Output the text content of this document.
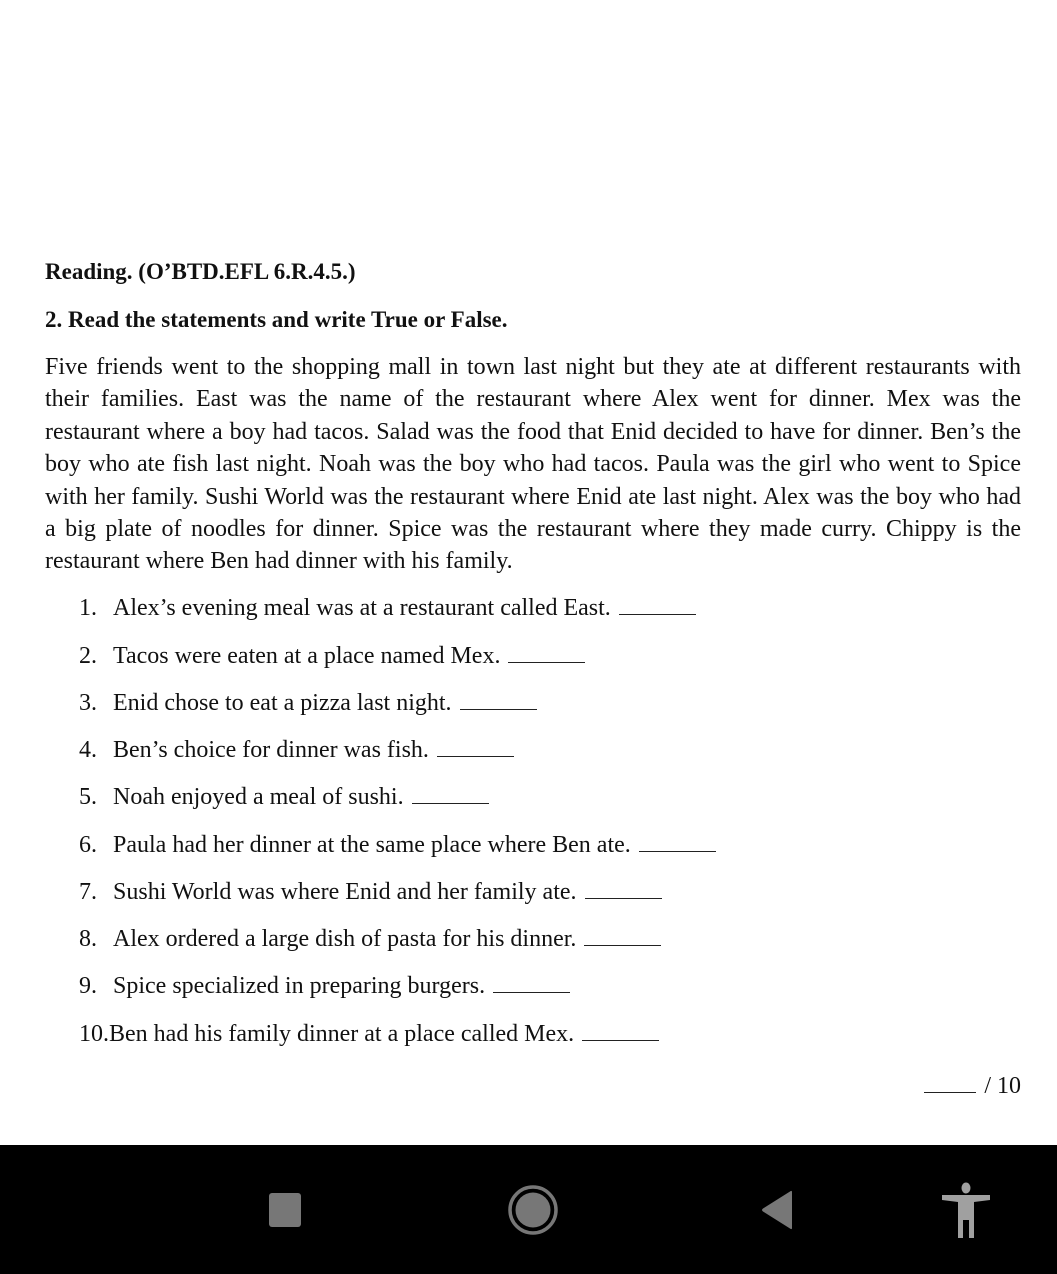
Reading. (O’BTD.EFL 6.R.4.5.)
2. Read the statements and write True or False.

Five friends went to the shopping mall in town last night but they ate at different restaurants with their families. East was the name of the restaurant where Alex went for dinner. Mex was the restaurant where a boy had tacos. Salad was the food that Enid decided to have for dinner. Ben’s the boy who ate fish last night. Noah was the boy who had tacos. Paula was the girl who went to Spice with her family. Sushi World was the restaurant where Enid ate last night. Alex was the boy who had a big plate of noodles for dinner. Spice was the restaurant where they made curry. Chippy is the restaurant where Ben had dinner with his family.

1. Alex’s evening meal was at a restaurant called East.
2. Tacos were eaten at a place named Mex.
3. Enid chose to eat a pizza last night.
4. Ben’s choice for dinner was fish.
5. Noah enjoyed a meal of sushi.
6. Paula had her dinner at the same place where Ben ate.
7. Sushi World was where Enid and her family ate.
8. Alex ordered a large dish of pasta for his dinner.
9. Spice specialized in preparing burgers.
10. Ben had his family dinner at a place called Mex.
/ 10
